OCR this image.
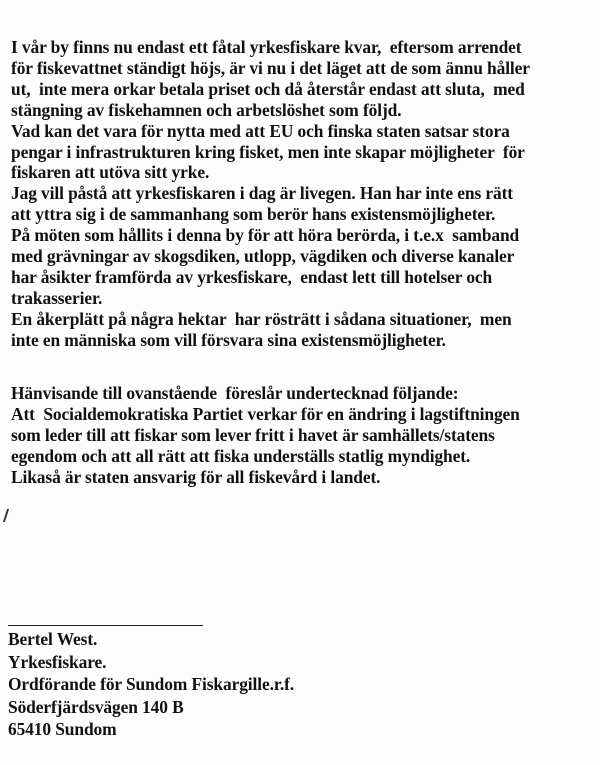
I vår by finns nu endast ett fåtal yrkesfiskare kvar,  eftersom arrendet
för fiskevattnet ständigt höjs, är vi nu i det läget att de som ännu håller
ut,  inte mera orkar betala priset och då återstår endast att sluta,  med
stängning av fiskehamnen och arbetslöshet som följd.
Vad kan det vara för nytta med att EU och finska staten satsar stora
pengar i infrastrukturen kring fisket, men inte skapar möjligheter  för
fiskaren att utöva sitt yrke.
Jag vill påstå att yrkesfiskaren i dag är livegen. Han har inte ens rätt
att yttra sig i de sammanhang som berör hans existensmöjligheter.
På möten som hållits i denna by för att höra berörda, i t.e.x  samband
med grävningar av skogsdiken, utlopp, vägdiken och diverse kanaler
har åsikter framförda av yrkesfiskare,  endast lett till hotelser och
trakasserier.
En åkerplätt på några hektar  har rösträtt i sådana situationer,  men
inte en människa som vill försvara sina existensmöjligheter.
Hänvisande till ovanstående  föreslår undertecknad följande:
Att  Socialdemokratiska Partiet verkar för en ändring i lagstiftningen
som leder till att fiskar som lever fritt i havet är samhällets/statens
egendom och att all rätt att fiska underställs statlig myndighet.
Likaså är staten ansvarig för all fiskevård i landet.
Bertel West.
Yrkesfiskare.
Ordförande för Sundom Fiskargille.r.f.
Söderfjärdsvägen 140 B
65410 Sundom
